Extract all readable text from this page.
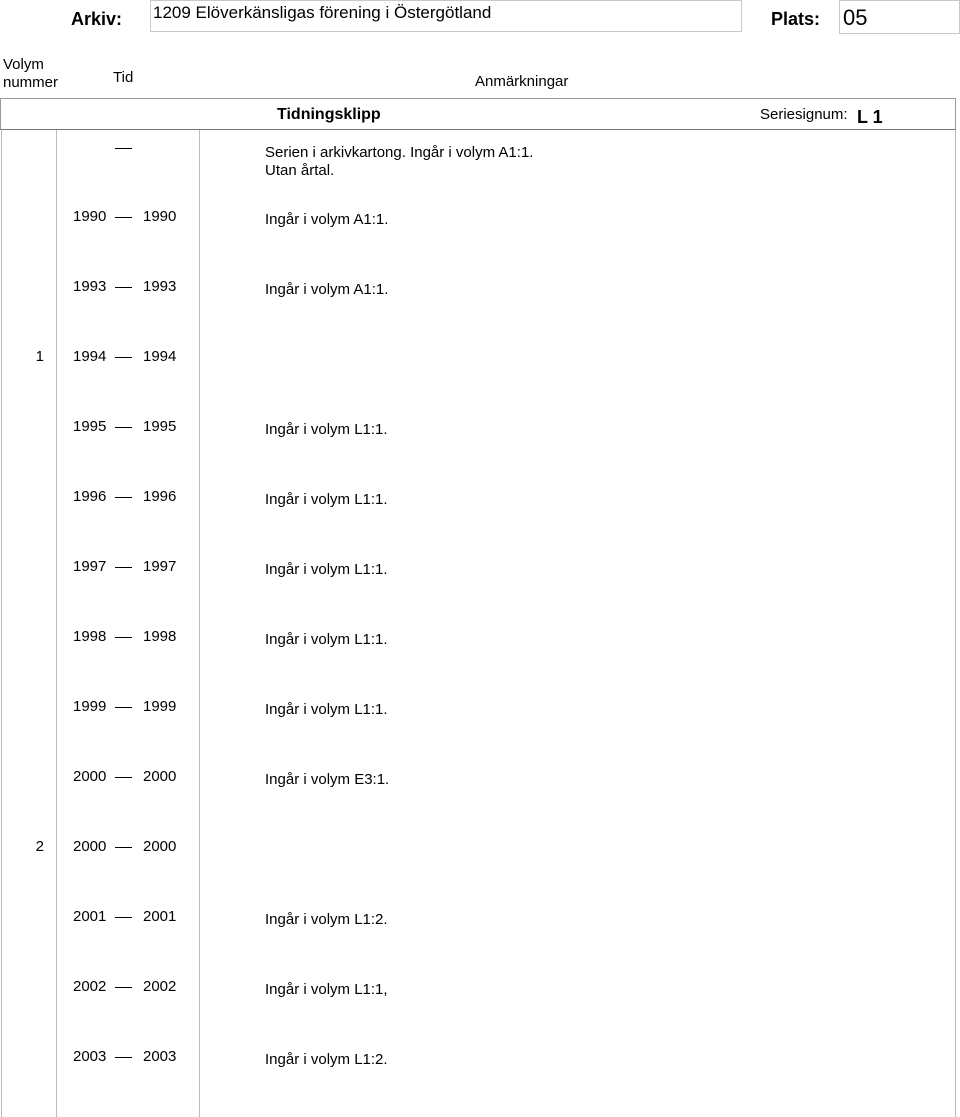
Arkiv: 1209 Elöverkänsligas förening i Östergötland	Plats: 05
Volym
nummer	Tid	Anmärkningar
Tidningsklipp	Seriesignum: L 1
Serien i arkivkartong. Ingår i volym A1:1.
Utan årtal.
1990 1990	Ingår i volym A1:1.
1993 1993	Ingår i volym A1:1.
1 1994 1994
1995 1995	Ingår i volym L1:1.
1996 1996	Ingår i volym L1:1.
1997 1997	Ingår i volym L1:1.
1998 1998	Ingår i volym L1:1.
1999 1999	Ingår i volym L1:1.
2000 2000	Ingår i volym E3:1.
2 2000 2000
2001 2001	Ingår i volym L1:2.
2002 2002	Ingår i volym L1:1,
2003 2003	Ingår i volym L1:2.
